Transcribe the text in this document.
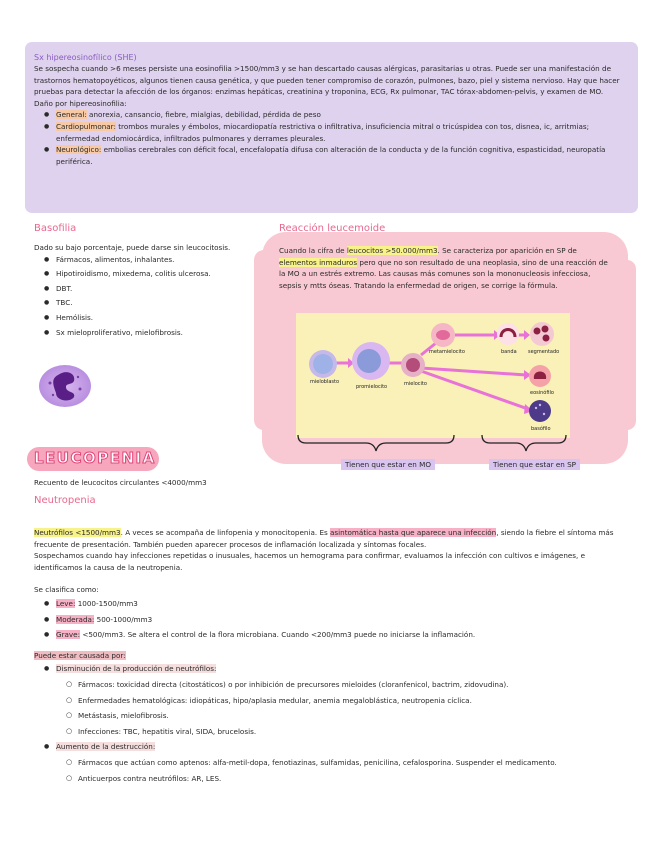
Sx hipereosinofílico (SHE)
Se sospecha cuando >6 meses persiste una eosinofilia >1500/mm3 y se han descartado causas alérgicas, parasitarias u otras. Puede ser una manifestación de trastornos hematopoyéticos, algunos tienen causa genética, y que pueden tener compromiso de corazón, pulmones, bazo, piel y sistema nervioso. Hay que hacer pruebas para detectar la afección de los órganos: enzimas hepáticas, creatinina y troponina, ECG, Rx pulmonar, TAC tórax-abdomen-pelvis, y examen de MO.
Daño por hipereosinofilia:
● General: anorexia, cansancio, fiebre, mialgias, debilidad, pérdida de peso
● Cardiopulmonar: trombos murales y émbolos, miocardiopatía restrictiva o infiltrativa, insuficiencia mitral o tricúspidea con tos, disnea, ic, arritmias; enfermedad endomiocárdica, infiltrados pulmonares y derrames pleurales.
● Neurológico: embolias cerebrales con déficit focal, encefalopatía difusa con alteración de la conducta y de la función cognitiva, espasticidad, neuropatía periférica.
Basofilia
Dado su bajo porcentaje, puede darse sin leucocitosis.
● Fármacos, alimentos, inhalantes.
● Hipotiroidismo, mixedema, colitis ulcerosa.
● DBT.
● TBC.
● Hemólisis.
● Sx mieloproliferativo, mielofibrosis.
Reacción leucemoide
Cuando la cifra de leucocitos >50.000/mm3. Se caracteriza por aparición en SP de elementos inmaduros pero que no son resultado de una neoplasia, sino de una reacción de la MO a un estrés extremo. Las causas más comunes son la mononucleosis infecciosa, sepsis y mtts óseas. Tratando la enfermedad de origen, se corrige la fórmula.
mieloblasto
promielocito	mielocito
metamielocito	banda segmentado
eosinófilo
basófilo
Tienen que estar en MO	Tienen que estar en SP
LEUCOPENIA
Recuento de leucocitos circulantes <4000/mm3
Neutropenia
Neutrófilos <1500/mm3. A veces se acompaña de linfopenia y monocitopenia. Es asintomática hasta que aparece una infección, siendo la fiebre el síntoma más frecuente de presentación. También pueden aparecer procesos de inflamación localizada y síntomas focales.
Sospechamos cuando hay infecciones repetidas o inusuales, hacemos un hemograma para confirmar, evaluamos la infección con cultivos e imágenes, e identificamos la causa de la neutropenia.
Se clasifica como:
● Leve: 1000-1500/mm3
● Moderada: 500-1000/mm3
● Grave: <500/mm3. Se altera el control de la flora microbiana. Cuando <200/mm3 puede no iniciarse la inflamación.
Puede estar causada por:
● Disminución de la producción de neutrófilos:
○ Fármacos: toxicidad directa (citostáticos) o por inhibición de precursores mieloides (cloranfenicol, bactrim, zidovudina).
○ Enfermedades hematológicas: idiopáticas, hipo/aplasia medular, anemia megaloblástica, neutropenia cíclica.
○ Metástasis, mielofibrosis.
○ Infecciones: TBC, hepatitis viral, SIDA, brucelosis.
● Aumento de la destrucción:
○ Fármacos que actúan como aptenos: alfa-metil-dopa, fenotiazinas, sulfamidas, penicilina, cefalosporina. Suspender el medicamento.
○ Anticuerpos contra neutrófilos: AR, LES.
